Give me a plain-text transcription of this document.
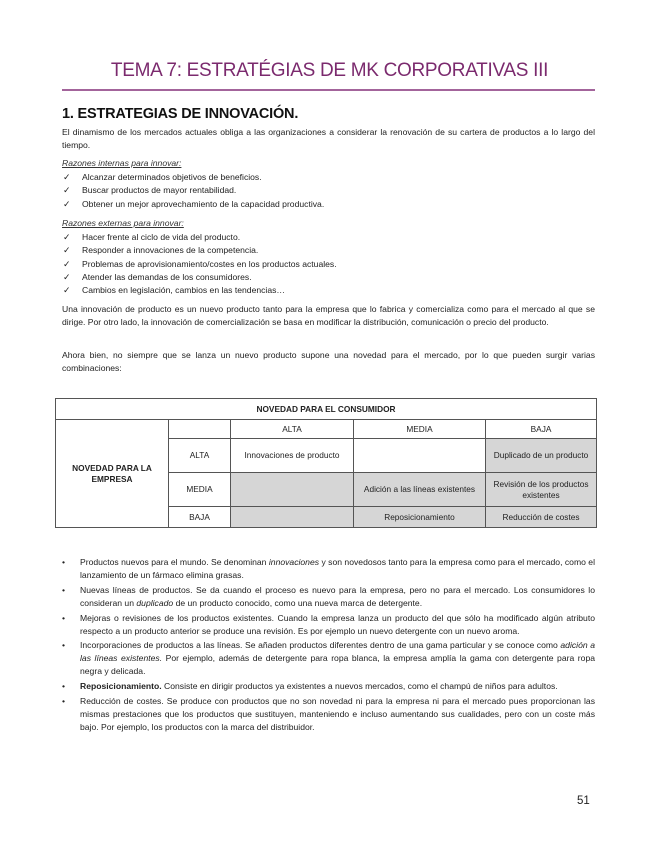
TEMA 7: ESTRATÉGIAS DE MK CORPORATIVAS III
1. ESTRATEGIAS DE INNOVACIÓN.
El dinamismo de los mercados actuales obliga a las organizaciones a considerar la renovación de su cartera de productos a lo largo del tiempo.
Razones internas para innovar:
✓ Alcanzar determinados objetivos de beneficios.
✓ Buscar productos de mayor rentabilidad.
✓ Obtener un mejor aprovechamiento de la capacidad productiva.
Razones externas para innovar:
✓ Hacer frente al ciclo de vida del producto.
✓ Responder a innovaciones de la competencia.
✓ Problemas de aprovisionamiento/costes en los productos actuales.
✓ Atender las demandas de los consumidores.
✓ Cambios en legislación, cambios en las tendencias…
Una innovación de producto es un nuevo producto tanto para la empresa que lo fabrica y comercializa como para el mercado al que se dirige. Por otro lado, la innovación de comercialización se basa en modificar la distribución, comunicación o precio del producto.
Ahora bien, no siempre que se lanza un nuevo producto supone una novedad para el mercado, por lo que pueden surgir varias combinaciones:
NOVEDAD PARA EL CONSUMIDOR				
NOVEDAD PARA LA EMPRESA		ALTA	MEDIA	BAJA
	ALTA	Innovaciones de producto		Duplicado de un producto
	MEDIA		Adición a las líneas existentes	Revisión de los productos existentes
	BAJA		Reposicionamiento	Reducción de costes
• Productos nuevos para el mundo. Se denominan innovaciones y son novedosos tanto para la empresa como para el mercado, como el lanzamiento de un fármaco elimina grasas.
• Nuevas líneas de productos. Se da cuando el proceso es nuevo para la empresa, pero no para el mercado. Los consumidores lo consideran un duplicado de un producto conocido, como una nueva marca de detergente.
• Mejoras o revisiones de los productos existentes. Cuando la empresa lanza un producto del que sólo ha modificado algún atributo respecto a un producto anterior se produce una revisión. Es por ejemplo un nuevo detergente con un nuevo aroma.
• Incorporaciones de productos a las líneas. Se añaden productos diferentes dentro de una gama particular y se conoce como adición a las líneas existentes. Por ejemplo, además de detergente para ropa blanca, la empresa amplía la gama con detergente para ropa negra y delicada.
• Reposicionamiento. Consiste en dirigir productos ya existentes a nuevos mercados, como el champú de niños para adultos.
• Reducción de costes. Se produce con productos que no son novedad ni para la empresa ni para el mercado pues proporcionan las mismas prestaciones que los productos que sustituyen, manteniendo e incluso aumentando sus cualidades, pero con un coste más bajo. Por ejemplo, los productos con la marca del distribuidor.
51
